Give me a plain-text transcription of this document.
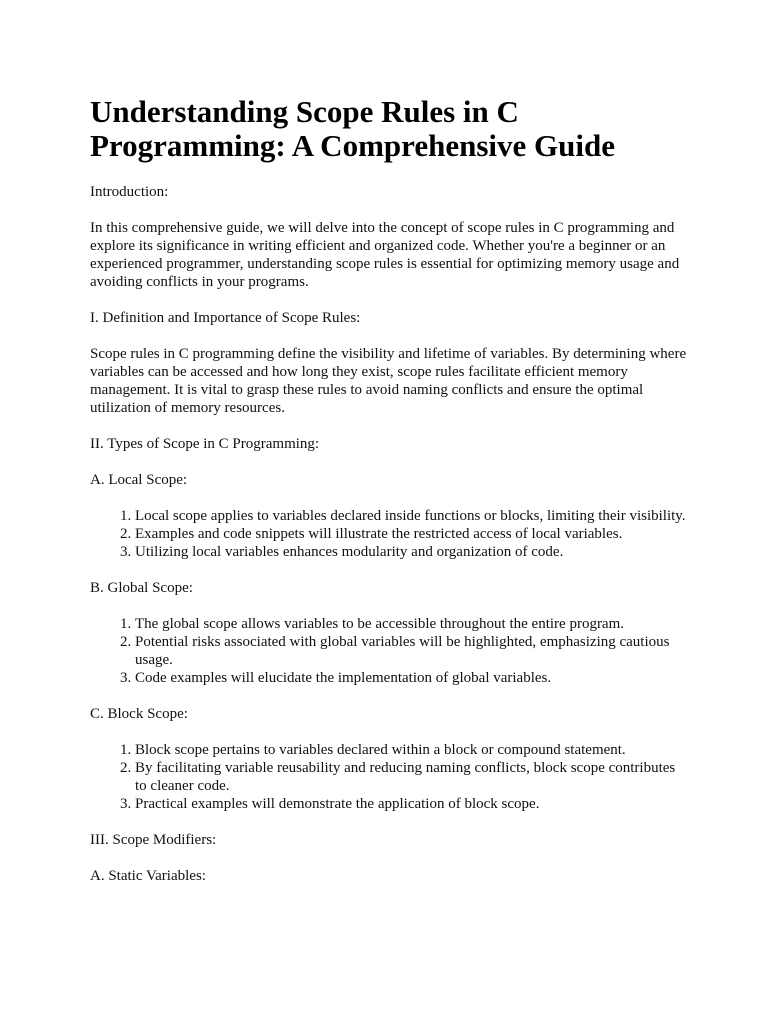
Understanding Scope Rules in C Programming: A Comprehensive Guide

Introduction:

In this comprehensive guide, we will delve into the concept of scope rules in C programming and explore its significance in writing efficient and organized code. Whether you're a beginner or an experienced programmer, understanding scope rules is essential for optimizing memory usage and avoiding conflicts in your programs.

I. Definition and Importance of Scope Rules:

Scope rules in C programming define the visibility and lifetime of variables. By determining where variables can be accessed and how long they exist, scope rules facilitate efficient memory management. It is vital to grasp these rules to avoid naming conflicts and ensure the optimal utilization of memory resources.

II. Types of Scope in C Programming:

A. Local Scope:

1. Local scope applies to variables declared inside functions or blocks, limiting their visibility.
2. Examples and code snippets will illustrate the restricted access of local variables.
3. Utilizing local variables enhances modularity and organization of code.

B. Global Scope:

1. The global scope allows variables to be accessible throughout the entire program.
2. Potential risks associated with global variables will be highlighted, emphasizing cautious usage.
3. Code examples will elucidate the implementation of global variables.

C. Block Scope:

1. Block scope pertains to variables declared within a block or compound statement.
2. By facilitating variable reusability and reducing naming conflicts, block scope contributes to cleaner code.
3. Practical examples will demonstrate the application of block scope.

III. Scope Modifiers:

A. Static Variables:
